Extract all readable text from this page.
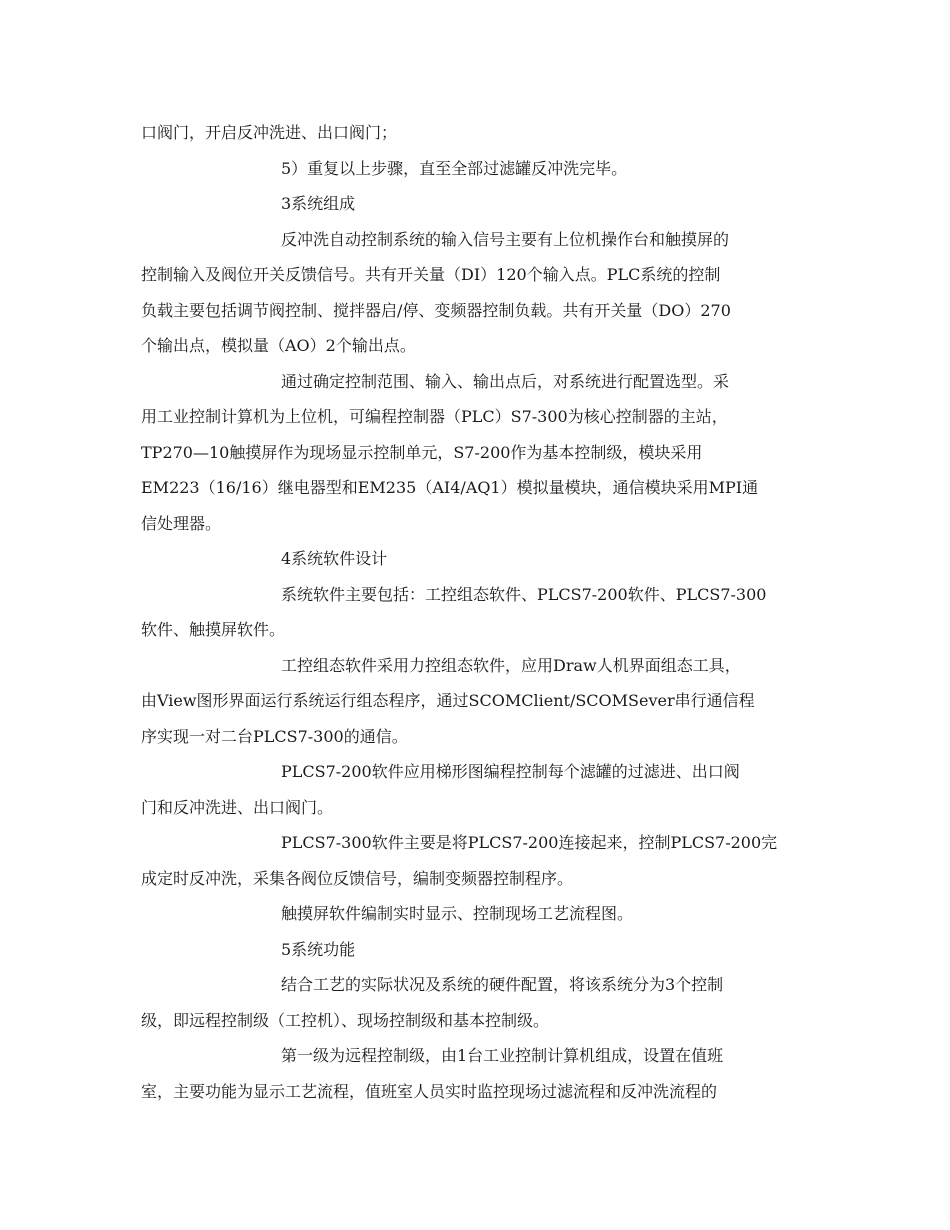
口阀门，开启反冲洗进、出口阀门；
5）重复以上步骤，直至全部过滤罐反冲洗完毕。
3系统组成
反冲洗自动控制系统的输入信号主要有上位机操作台和触摸屏的
控制输入及阀位开关反馈信号。共有开关量（DI）120个输入点。PLC系统的控制
负载主要包括调节阀控制、搅拌器启/停、变频器控制负载。共有开关量（DO）270
个输出点，模拟量（AO）2个输出点。
通过确定控制范围、输入、输出点后，对系统进行配置选型。采
用工业控制计算机为上位机，可编程控制器（PLC）S7-300为核心控制器的主站，
TP270—10触摸屏作为现场显示控制单元，S7-200作为基本控制级，模块采用
EM223（16/16）继电器型和EM235（AI4/AQ1）模拟量模块，通信模块采用MPI通
信处理器。
4系统软件设计
系统软件主要包括：工控组态软件、PLCS7-200软件、PLCS7-300
软件、触摸屏软件。
工控组态软件采用力控组态软件，应用Draw人机界面组态工具，
由View图形界面运行系统运行组态程序，通过SCOMClient/SCOMSever串行通信程
序实现一对二台PLCS7-300的通信。
PLCS7-200软件应用梯形图编程控制每个滤罐的过滤进、出口阀
门和反冲洗进、出口阀门。
PLCS7-300软件主要是将PLCS7-200连接起来，控制PLCS7-200完
成定时反冲洗，采集各阀位反馈信号，编制变频器控制程序。
触摸屏软件编制实时显示、控制现场工艺流程图。
5系统功能
结合工艺的实际状况及系统的硬件配置，将该系统分为3个控制
级，即远程控制级（工控机）、现场控制级和基本控制级。
第一级为远程控制级，由1台工业控制计算机组成，设置在值班
室，主要功能为显示工艺流程，值班室人员实时监控现场过滤流程和反冲洗流程的
